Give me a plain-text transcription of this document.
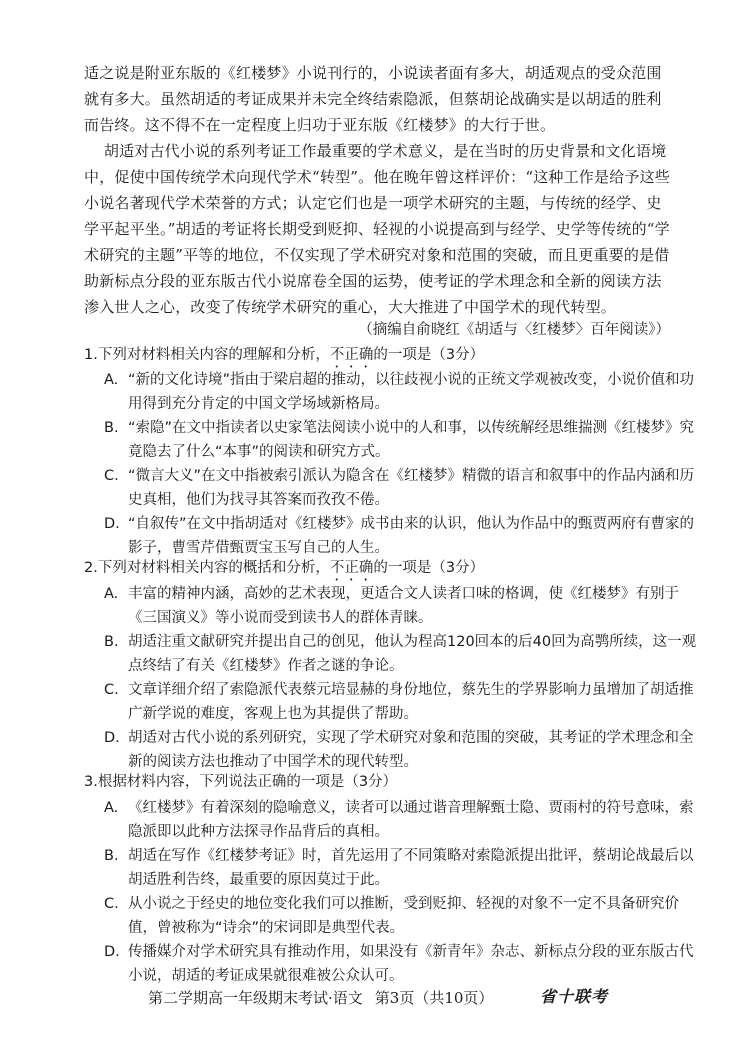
适之说是附亚东版的《红楼梦》小说刊行的，小说读者面有多大，胡适观点的受众范围就有多大。虽然胡适的考证成果并未完全终结索隐派，但蔡胡论战确实是以胡适的胜利而告终。这不得不在一定程度上归功于亚东版《红楼梦》的大行于世。

胡适对古代小说的系列考证工作最重要的学术意义，是在当时的历史背景和文化语境中，促使中国传统学术向现代学术“转型”。他在晚年曾这样评价：“这种工作是给予这些小说名著现代学术荣誉的方式；认定它们也是一项学术研究的主题，与传统的经学、史学平起平坐。”胡适的考证将长期受到贬抑、轻视的小说提高到与经学、史学等传统的“学术研究的主题”平等的地位，不仅实现了学术研究对象和范围的突破，而且更重要的是借助新标点分段的亚东版古代小说席卷全国的运势，使考证的学术理念和全新的阅读方法渗入世人之心，改变了传统学术研究的重心，大大推进了中国学术的现代转型。

（摘编自俞晓红《胡适与〈红楼梦〉百年阅读》）

1.下列对材料相关内容的理解和分析，不正确的一项是（3分）

A. “新的文化诗境”指由于梁启超的推动，以往歧视小说的正统文学观被改变，小说价值和功用得到充分肯定的中国文学场域新格局。

B. “索隐”在文中指读者以史家笔法阅读小说中的人和事，以传统解经思维揣测《红楼梦》究竟隐去了什么“本事”的阅读和研究方式。

C. “微言大义”在文中指被索引派认为隐含在《红楼梦》精微的语言和叙事中的作品内涵和历史真相，他们为找寻其答案而孜孜不倦。

D. “自叙传”在文中指胡适对《红楼梦》成书由来的认识，他认为作品中的甄贾两府有曹家的影子，曹雪芹借甄贾宝玉写自己的人生。

2.下列对材料相关内容的概括和分析，不正确的一项是（3分）

A. 丰富的精神内涵，高妙的艺术表现，更适合文人读者口味的格调，使《红楼梦》有别于《三国演义》等小说而受到读书人的群体青睐。

B. 胡适注重文献研究并提出自己的创见，他认为程高120回本的后40回为高鹗所续，这一观点终结了有关《红楼梦》作者之谜的争论。

C. 文章详细介绍了索隐派代表蔡元培显赫的身份地位，蔡先生的学界影响力虽增加了胡适推广新学说的难度，客观上也为其提供了帮助。

D. 胡适对古代小说的系列研究，实现了学术研究对象和范围的突破，其考证的学术理念和全新的阅读方法也推动了中国学术的现代转型。

3.根据材料内容，下列说法正确的一项是（3分）

A. 《红楼梦》有着深刻的隐喻意义，读者可以通过谐音理解甄士隐、贾雨村的符号意味，索隐派即以此种方法探寻作品背后的真相。

B. 胡适在写作《红楼梦考证》时，首先运用了不同策略对索隐派提出批评，蔡胡论战最后以胡适胜利告终，最重要的原因莫过于此。

C. 从小说之于经史的地位变化我们可以推断，受到贬抑、轻视的对象不一定不具备研究价值，曾被称为“诗余”的宋词即是典型代表。

D. 传播媒介对学术研究具有推动作用，如果没有《新青年》杂志、新标点分段的亚东版古代小说，胡适的考证成果就很难被公众认可。

第二学期高一年级期末考试·语文 第3页（共10页）	省十联考
